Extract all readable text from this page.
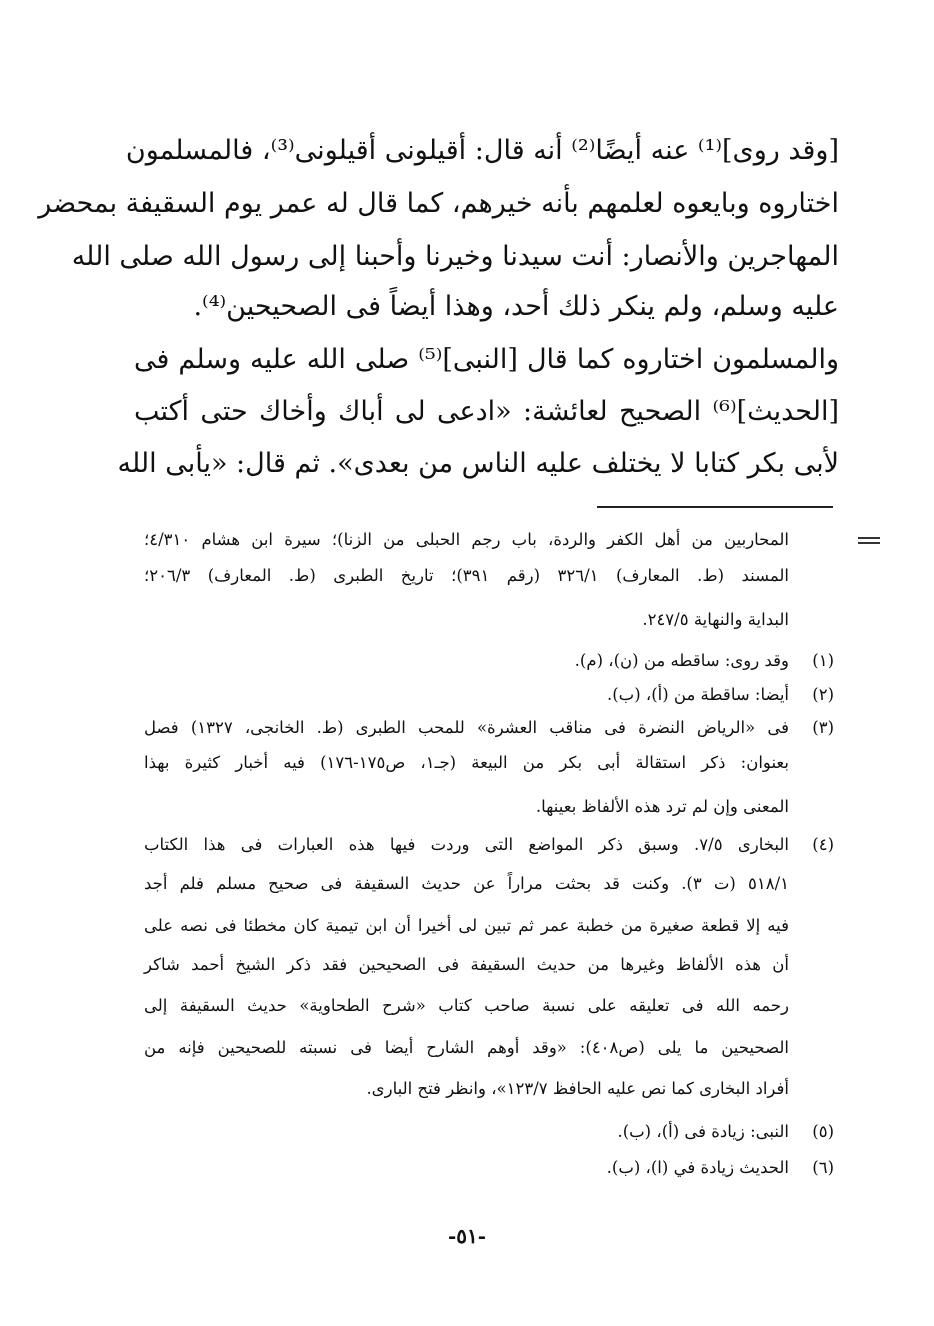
[وقد روى]⁽¹⁾ عنه أيضًا⁽²⁾ أنه قال: أقيلونى أقيلونى⁽³⁾، فالمسلمون
اختاروه وبايعوه لعلمهم بأنه خيرهم، كما قال له عمر يوم السقيفة بمحضر
المهاجرين والأنصار: أنت سيدنا وخيرنا وأحبنا إلى رسول الله صلى الله
عليه وسلم، ولم ينكر ذلك أحد، وهذا أيضاً فى الصحيحين⁽⁴⁾.
والمسلمون اختاروه كما قال [النبى]⁽⁵⁾ صلى الله عليه وسلم فى
[الحديث]⁽⁶⁾ الصحيح لعائشة: «ادعى لى أباك وأخاك حتى أكتب
لأبى بكر كتابا لا يختلف عليه الناس من بعدى». ثم قال: «يأبى الله
المحاربين من أهل الكفر والردة، باب رجم الحبلى من الزنا)؛ سيرة ابن هشام ٤/٣١٠؛
المسند (ط. المعارف) ٣٢٦/١ (رقم ٣٩١)؛ تاريخ الطبرى (ط. المعارف) ٢٠٦/٣؛
البداية والنهاية ٢٤٧/٥.
(١)
وقد روى: ساقطه من (ن)، (م).
(٢)
أيضا: ساقطة من (أ)، (ب).
(٣)
فى «الرياض النضرة فى مناقب العشرة» للمحب الطبرى (ط. الخانجى، ١٣٢٧) فصل
بعنوان: ذكر استقالة أبى بكر من البيعة (جـ١، ص١٧٥-١٧٦) فيه أخبار كثيرة بهذا
المعنى وإن لم ترد هذه الألفاظ بعينها.
(٤)
البخارى ٧/٥. وسبق ذكر المواضع التى وردت فيها هذه العبارات فى هذا الكتاب
٥١٨/١ (ت ٣). وكنت قد بحثت مراراً عن حديث السقيفة فى صحيح مسلم فلم أجد
فيه إلا قطعة صغيرة من خطبة عمر ثم تبين لى أخيرا أن ابن تيمية كان مخطئا فى نصه على
أن هذه الألفاظ وغيرها من حديث السقيفة فى الصحيحين فقد ذكر الشيخ أحمد شاكر
رحمه الله فى تعليقه على نسبة صاحب كتاب «شرح الطحاوية» حديث السقيفة إلى
الصحيحين ما يلى (ص٤٠٨): «وقد أوهم الشارح أيضا فى نسبته للصحيحين فإنه من
أفراد البخارى كما نص عليه الحافظ ١٢٣/٧»، وانظر فتح البارى.
(٥)
النبى: زيادة فى (أ)، (ب).
(٦)
الحديث زيادة في (ا)، (ب).
-٥١-
